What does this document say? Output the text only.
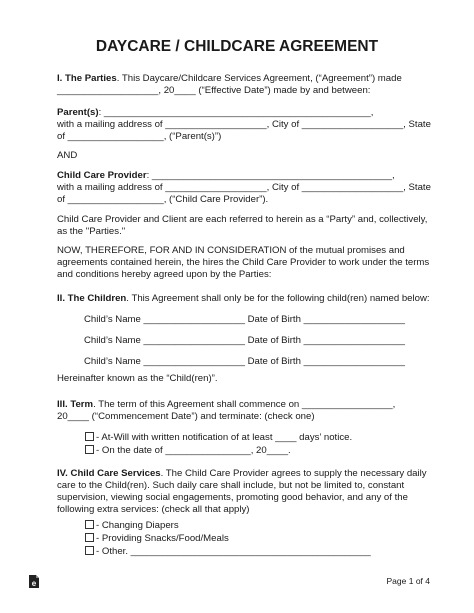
DAYCARE / CHILDCARE AGREEMENT
I. The Parties. This Daycare/Childcare Services Agreement, (“Agreement”) made
___________________, 20____ (“Effective Date”) made by and between:
Parent(s): __________________________________________________,
with a mailing address of ___________________, City of ___________________, State
of __________________, (“Parent(s)”)
AND
Child Care Provider: _____________________________________________,
with a mailing address of ___________________, City of ___________________, State
of __________________, (“Child Care Provider”).
Child Care Provider and Client are each referred to herein as a “Party” and, collectively,
as the "Parties."
NOW, THEREFORE, FOR AND IN CONSIDERATION of the mutual promises and
agreements contained herein, the hires the Child Care Provider to work under the terms
and conditions hereby agreed upon by the Parties:
II. The Children. This Agreement shall only be for the following child(ren) named below:
Child’s Name ___________________ Date of Birth ___________________
Child’s Name ___________________ Date of Birth ___________________
Child’s Name ___________________ Date of Birth ___________________
Hereinafter known as the “Child(ren)”.
III. Term. The term of this Agreement shall commence on _________________,
20____ (“Commencement Date”) and terminate: (check one)
- At-Will with written notification of at least ____ days’ notice.
- On the date of ________________, 20____.
IV. Child Care Services. The Child Care Provider agrees to supply the necessary daily
care to the Child(ren). Such daily care shall include, but not be limited to, constant
supervision, viewing social engagements, promoting good behavior, and any of the
following extra services: (check all that apply)
e	Page 1 of 4
- Changing Diapers
- Providing Snacks/Food/Meals
- Other. _____________________________________________
